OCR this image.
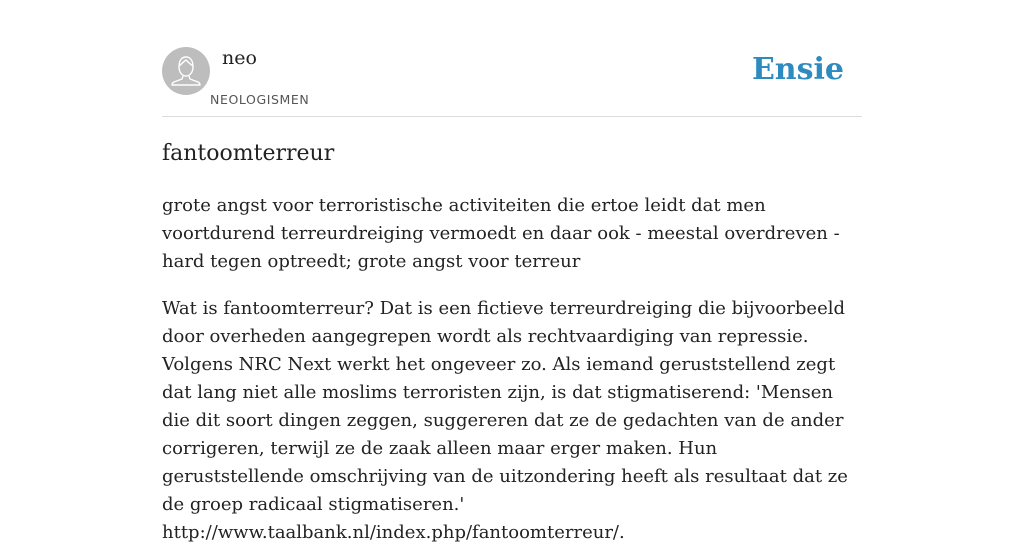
neo
NEOLOGISMEN
Ensie
fantoomterreur

grote angst voor terroristische activiteiten die ertoe leidt dat men voortdurend terreurdreiging vermoedt en daar ook - meestal overdreven - hard tegen optreedt; grote angst voor terreur

Wat is fantoomterreur? Dat is een fictieve terreurdreiging die bijvoorbeeld door overheden aangegrepen wordt als rechtvaardiging van repressie. Volgens NRC Next werkt het ongeveer zo. Als iemand geruststellend zegt dat lang niet alle moslims terroristen zijn, is dat stigmatiserend: 'Mensen die dit soort dingen zeggen, suggereren dat ze de gedachten van de ander corrigeren, terwijl ze de zaak alleen maar erger maken. Hun geruststellende omschrijving van de uitzondering heeft als resultaat dat ze de groep radicaal stigmatiseren.' http://www.taalbank.nl/index.php/fantoomterreur/.
